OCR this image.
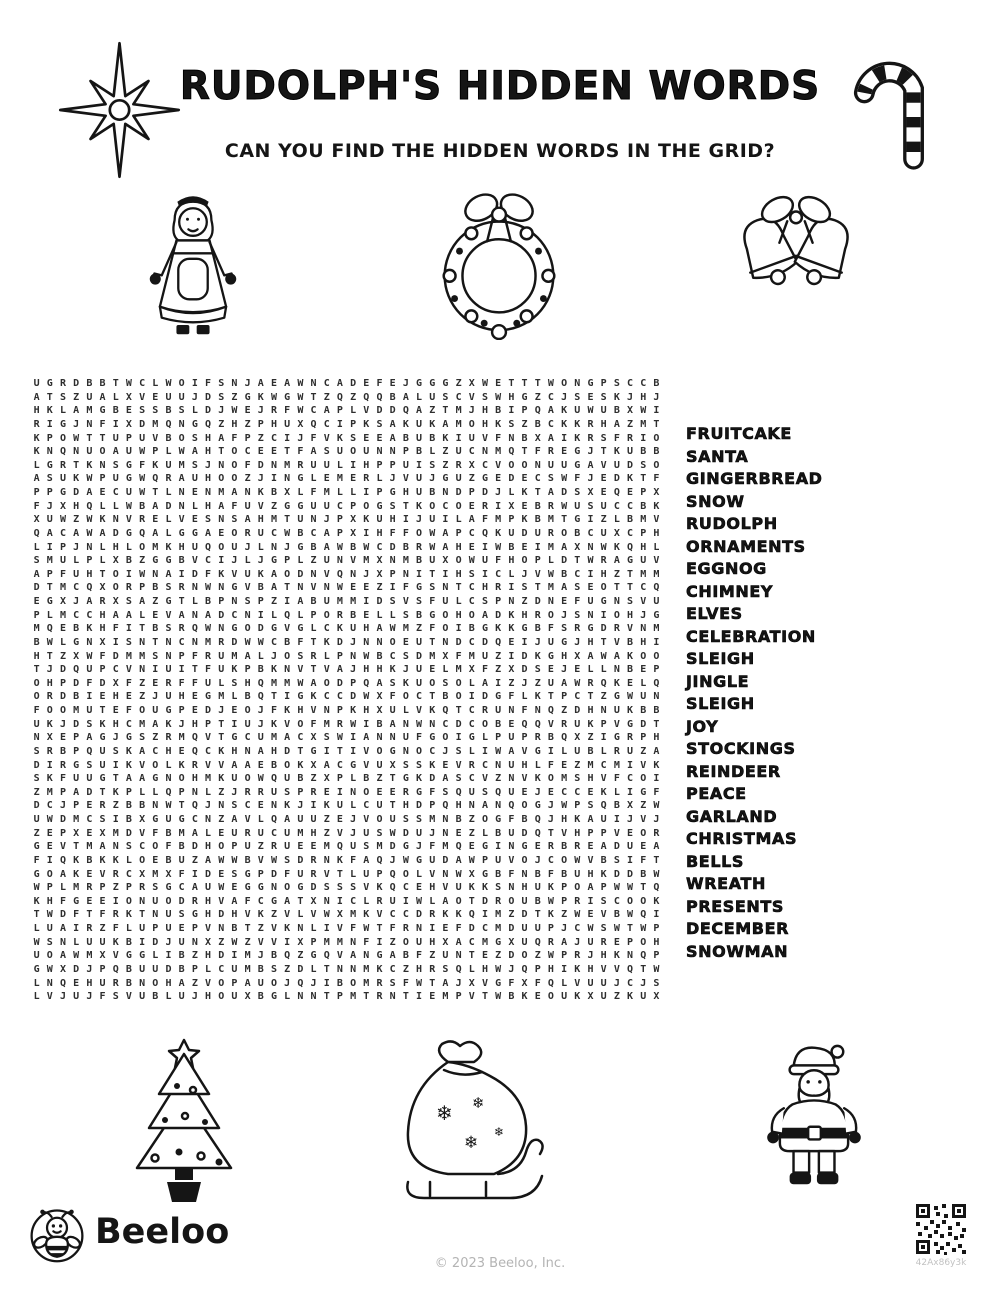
RUDOLPH'S HIDDEN WORDS
CAN YOU FIND THE HIDDEN WORDS IN THE GRID?
U G R D B B T W C L W O I F S N J A E A W N C A D E F E J G G G Z X W E T T T W O N G P S C C B
A T S Z U A L X V E U U J D S Z G K W G W T Z Q Z Q Q B A L U S C V S W H G Z C J S E S K J H J
H K L A M G B E S S B S L D J W E J R F W C A P L V D D Q A Z T M J H B I P Q A K U W U B X W I
R I G J N F I X D M Q N G Q Z H Z P H U X Q C I P K S A K U K A M O H K S Z B C K K R H A Z M T
K P O W T T U P U V B O S H A F P Z C I J F V K S E E A B U B K I U V F N B X A I K R S F R I O
K N Q N U O A U W P L W A H T O C E E T F A S U O U N N P B L Z U C N M Q T F R E G J T K U B B
L G R T K N S G F K U M S J N O F D N M R U U L I H P P U I S Z R X C V O O N U U G A V U D S O
A S U K W P U G W Q R A U H O O Z J I N G L E M E R L J V U J G U Z G E D E C S W F J E D K T F
P P G D A E C U W T L N E N M A N K B X L F M L L I P G H U B N D P D J L K T A D S X E Q E P X
F J X H Q L L W B A D N L H A F U V Z G G U U C P O G S T K O C O E R I X E B R W U S U C C B K
X U W Z W K N V R E L V E S N S A H M T U N J P X K U H I J U I L A F M P K B M T G I Z L B M V
Q A C A W A D G Q A L G G A E O R U C W B C A P X I H F F O W A P C Q K U D U R O B C U X C P H
L I P J N L H L O M K H U Q O U J L N J G B A W B W C D B R W A H E I W B E I M A X N W K Q H L
S M U L P L X B Z G G B V C I J L J G P L Z U N V M X N M B U X O W U F H O P L D T W R A G U V
A P F U H T O I W N A I D F K V U K A O D N V Q N J X P N I T I H S I C L J V W B C I H Z T M M
D T M C Q X O R P B S R N W N G V B A T N V N W E E Z I F G S N T C H R I S T M A S E O T T C Q
E G X J A R X S A Z G T L B P N S P Z I A B U M M I D S V S F U L C S P N Z D N E F U G N S V U
P L M C C H A A L E V A N A D C N I L Q L P O R B E L L S B G O H O A D K H R O J S N I O H J G
M Q E B K H F I T B S R Q W N G O D G V G L C K U H A W M Z F O I B G K K G B F S R G D R V N M
B W L G N X I S N T N C N M R D W W C B F T K D J N N O E U T N D C D Q E I J U G J H T V B H I
H T Z X W F D M M S N P F R U M A L J O S R L P N W B C S D M X F M U Z I D K G H X A W A K O O
T J D Q U P C V N I U I T F U K P B K N V T V A J H H K J U E L M X F Z X D S E J E L L N B E P
O H P D F D X F Z E R F F U L S H Q M M W A O D P Q A S K U O S O L A I Z J Z U A W R Q K E L Q
O R D B I E H E Z J U H E G M L B Q T I G K C C D W X F O C T B O I D G F L K T P C T Z G W U N
F O O M U T E F O U G P E D J E O J F K H V N P K H X U L V K Q T C R U N F N Q Z D H N U K B B
U K J D S K H C M A K J H P T I U J K V O F M R W I B A N W N C D C O B E Q Q V R U K P V G D T
N X E P A G J G S Z R M Q V T G C U M A C X S W I A N N U F G O I G L P U P R B Q X Z I G R P H
S R B P Q U S K A C H E Q C K H N A H D T G I T I V O G N O C J S L I W A V G I L U B L R U Z A
D I R G S U I K V O L K R V V A A E B O K X A C G V U X S S K E V R C N U H L F E Z M C M I V K
S K F U U G T A A G N O H M K U O W Q U B Z X P L B Z T G K D A S C V Z N V K O M S H V F C O I
Z M P A D T K P L L Q P N L Z J R R U S P R E I N O E E R G F S Q U S Q U E J E C C E K L I G F
D C J P E R Z B B N W T Q J N S C E N K J I K U L C U T H D P Q H N A N Q O G J W P S Q B X Z W
U W D M C S I B X G U G C N Z A V L Q A U U Z E J V O U S S M N B Z O G F B Q J H K A U I J V J
Z E P X E X M D V F B M A L E U R U C U M H Z V J U S W D U J N E Z L B U D Q T V H P P V E O R
G E V T M A N S C O F B D H O P U Z R U E E M Q U S M D G J F M Q E G I N G E R B R E A D U E A
F I Q K B K K L O E B U Z A W W B V W S D R N K F A Q J W G U D A W P U V O J C O W V B S I F T
G O A K E V R C X M X F I D E S G P D F U R V T L U P Q O L V N W X G B F N B F B U H K D D B W
W P L M R P Z P R S G C A U W E G G N O G D S S S V K Q C E H V U K K S N H U K P O A P W W T Q
K H F G E E I O N U O D R H V A F C G A T X N I C L R U I W L A O T D R O U B W P R I S C O O K
T W D F T F R K T N U S G H D H V K Z V L V W X M K V C C D R K K Q I M Z D T K Z W E V B W Q I
L U A I R Z F L U P U E P V N B T Z V K N L I V F W T F R N I E F D C M D U U P J C W S W T W P
W S N L U U K B I D J U N X Z W Z V V I X P M M N F I Z O U H X A C M G X U Q R A J U R E P O H
U O A W M X V G G L I B Z H D I M J B Q Z G Q V A N G A B F Z U N T E Z D O Z W P R J H K N Q P
G W X D J P Q B U U D B P L C U M B S Z D L T N N M K C Z H R S Q L H W J Q P H I K H V V Q T W
L N Q E H U R B N O H A Z V O P A U O J Q J I B O M R S F W T A J X V G F X F Q L V U U J C J S
L V J U J F S V U B L U J H O U X B G L N N T P M T R N T I E M P V T W B K E O U K X U Z K U X
FRUITCAKE
SANTA
GINGERBREAD
SNOW
RUDOLPH
ORNAMENTS
EGGNOG
CHIMNEY
ELVES
CELEBRATION
SLEIGH
JINGLE
SLEIGH
JOY
STOCKINGS
REINDEER
PEACE
GARLAND
CHRISTMAS
BELLS
WREATH
PRESENTS
DECEMBER
SNOWMAN
❄ ❄
❄
❄
Beeloo
© 2023 Beeloo, Inc.	42Ax86y3k
